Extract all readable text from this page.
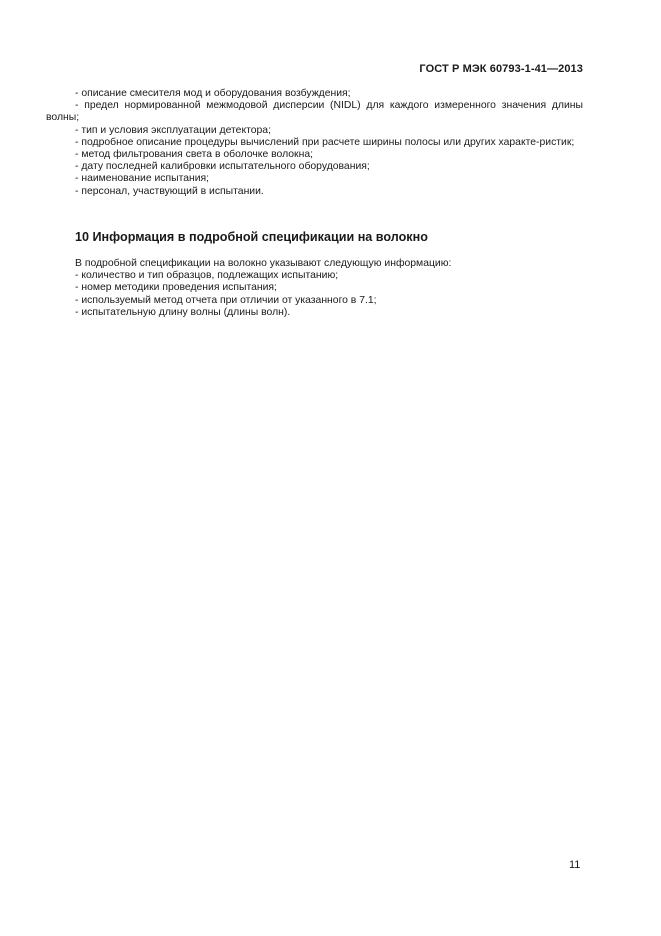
ГОСТ Р МЭК 60793-1-41—2013

- описание смесителя мод и оборудования возбуждения;

- предел нормированной межмодовой дисперсии (NIDL) для каждого измеренного значения длины волны;

- тип и условия эксплуатации детектора;

- подробное описание процедуры вычислений при расчете ширины полосы или других характе-ристик;

- метод фильтрования света в оболочке волокна;

- дату последней калибровки испытательного оборудования;

- наименование испытания;

- персонал, участвующий в испытании.

10 Информация в подробной спецификации на волокно

В подробной спецификации на волокно указывают следующую информацию:

- количество и тип образцов, подлежащих испытанию;

- номер методики проведения испытания;

- используемый метод отчета при отличии от указанного в 7.1;

- испытательную длину волны (длины волн).

11
